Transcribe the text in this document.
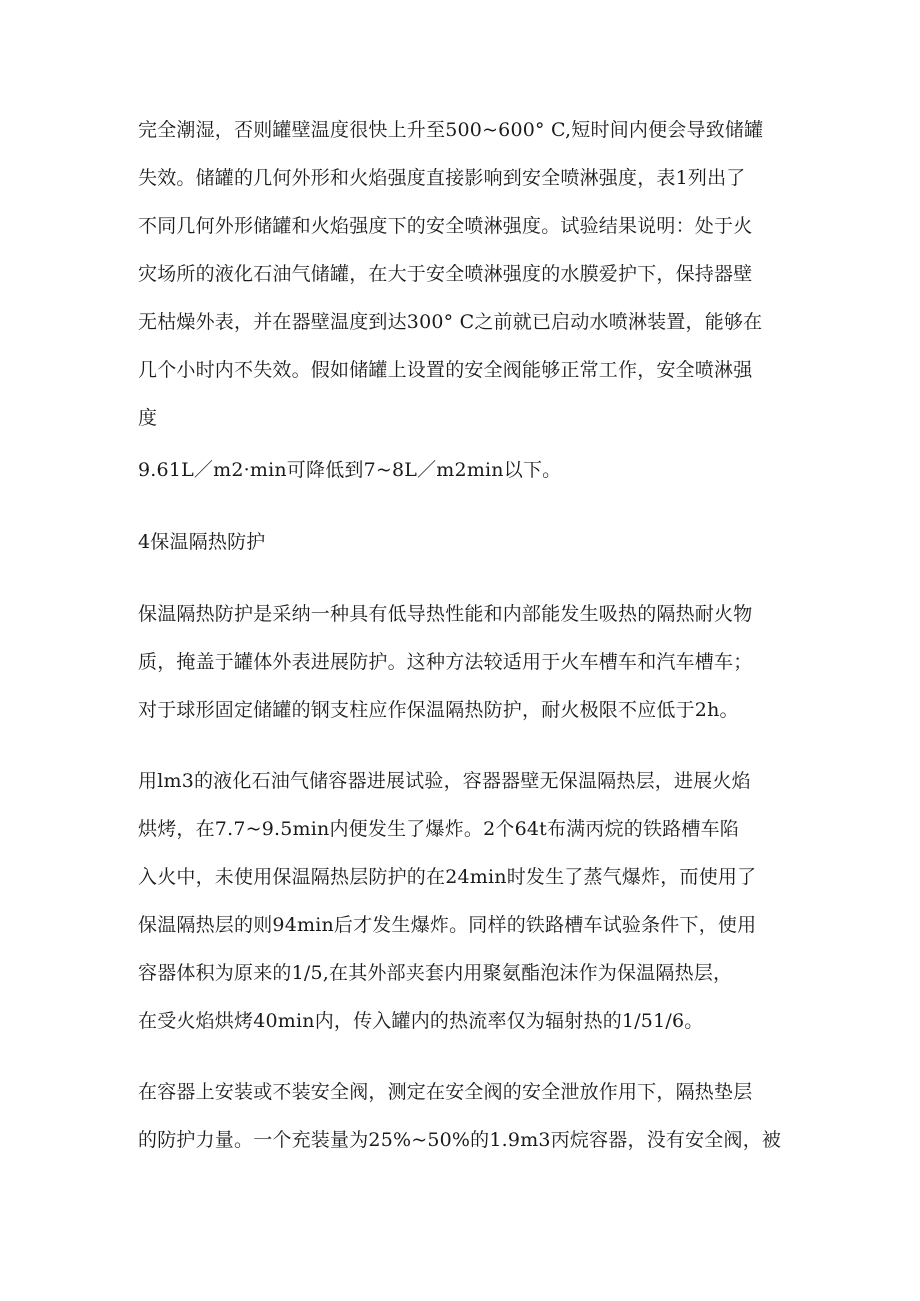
完全潮湿，否则罐壁温度很快上升至500~600° C,短时间内便会导致储罐
失效。储罐的几何外形和火焰强度直接影响到安全喷淋强度，表1列出了
不同几何外形储罐和火焰强度下的安全喷淋强度。试验结果说明：处于火
灾场所的液化石油气储罐，在大于安全喷淋强度的水膜爱护下，保持器壁
无枯燥外表，并在器壁温度到达300° C之前就已启动水喷淋装置，能够在
几个小时内不失效。假如储罐上设置的安全阀能够正常工作，安全喷淋强
度
9.61L／m2·min可降低到7~8L／m2min以下。
4保温隔热防护
保温隔热防护是采纳一种具有低导热性能和内部能发生吸热的隔热耐火物
质，掩盖于罐体外表进展防护。这种方法较适用于火车槽车和汽车槽车；
对于球形固定储罐的钢支柱应作保温隔热防护，耐火极限不应低于2h。
用lm3的液化石油气储容器进展试验，容器器壁无保温隔热层，进展火焰
烘烤，在7.7~9.5min内便发生了爆炸。2个64t布满丙烷的铁路槽车陷
入火中，未使用保温隔热层防护的在24min时发生了蒸气爆炸，而使用了
保温隔热层的则94min后才发生爆炸。同样的铁路槽车试验条件下，使用
容器体积为原来的1/5,在其外部夹套内用聚氨酯泡沫作为保温隔热层，
在受火焰烘烤40min内，传入罐内的热流率仅为辐射热的1/51/6。
在容器上安装或不装安全阀，测定在安全阀的安全泄放作用下，隔热垫层
的防护力量。一个充装量为25%~50%的1.9m3丙烷容器，没有安全阀，被
